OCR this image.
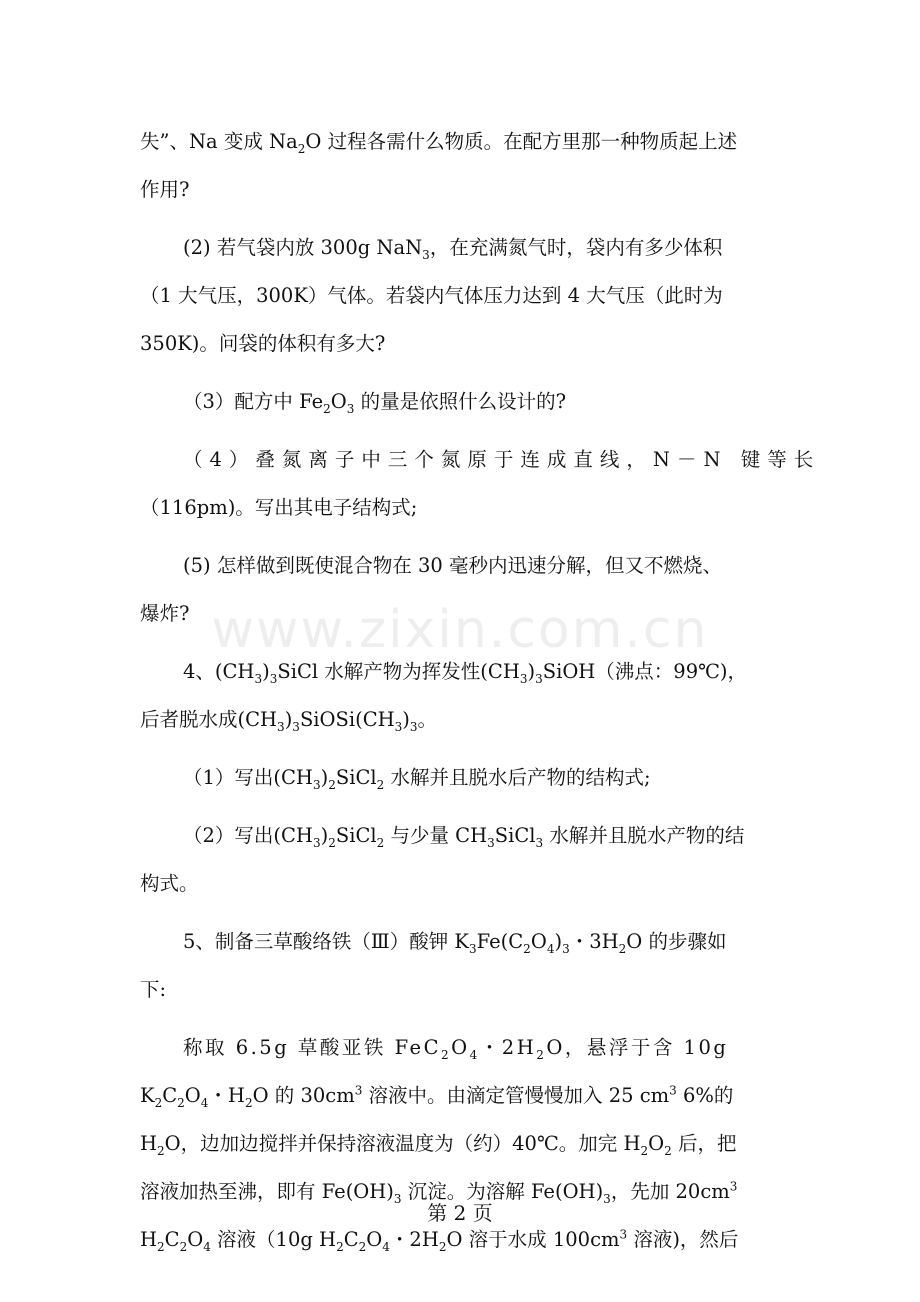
www.zixin.com.cn
失”、Na 变成 $Na_2O$ 过程各需什么物质。在配方里那一种物质起上述
作用?
(2) 若气袋内放 300g NaN$_3$，在充满氮气时，袋内有多少体积
（1 大气压，300K）气体。若袋内气体压力达到 4 大气压（此时为
350K)。问袋的体积有多大?
（3）配方中 $Fe_2O_3$ 的量是依照什么设计的?
（4）叠氮离子中三个氮原于连成直线，N－N 键等长
（116pm)。写出其电子结构式;
(5) 怎样做到既使混合物在 30 毫秒内迅速分解，但又不燃烧、
爆炸?
4、$(CH_3)_3SiCl$ 水解产物为挥发性$(CH_3)_3SiOH$（沸点：99℃)，
后者脱水成$(CH_3)_3SiOSi(CH_3)_3$。
（1）写出$(CH_3)_2SiCl_2$ 水解并且脱水后产物的结构式;
（2）写出$(CH_3)_2SiCl_2$ 与少量 $CH_3SiCl_3$ 水解并且脱水产物的结
构式。
5、制备三草酸络铁（Ⅲ）酸钾 $K_3Fe(C_2O_4)_3$・$3H_2O$ 的步骤如
下:
称取 6.5g 草酸亚铁 $FeC_2O_4$・$2H_2O$，悬浮于含 10g
$K_2C_2O_4$・$H_2O$ 的 $30cm^3$ 溶液中。由滴定管慢慢加入 25 $cm^3$ 6%的
$H_2O$，边加边搅拌并保持溶液温度为（约）40℃。加完 $H_2O_2$ 后，把
溶液加热至沸，即有 $Fe(OH)_3$ 沉淀。为溶解 $Fe(OH)_3$，先加 $20cm^3$
$H_2C_2O_4$ 溶液（10g $H_2C_2O_4$・$2H_2O$ 溶于水成 $100cm^3$ 溶液)，然后
第 2 页
